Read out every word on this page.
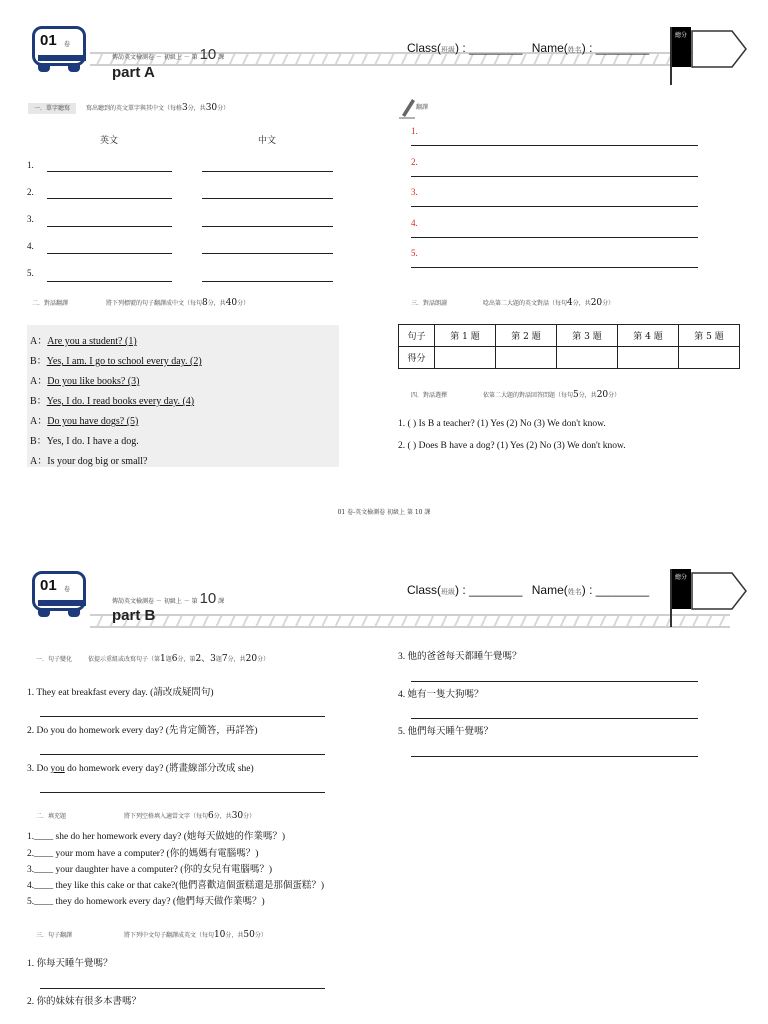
01 卷
傳劼英文檢測卷 － 初級上 － 第 10 課
part A
Class(班級) : ________ Name(姓名) : ________
總分
一．單字聽寫	寫出聽到的英文單字與其中文（每格3分，共30分）
英文	中文
1.
2.
3.
4.
5.
二．對話翻譯	將下列標號的句子翻譯成中文（每句8分，共40分）
A：Are you a student? (1)
B：Yes, I am. I go to school every day. (2)
A：Do you like books? (3)
B：Yes, I do. I read books every day. (4)
A：Do you have dogs? (5)
B：Yes, I do. I have a dog.
A：Is your dog big or small?
翻譯
1.
2.
3.
4.
5.
三．對話朗讀	唸出第二大題的英文對話（每句4分，共20分）
句子	第 1 題	第 2 題	第 3 題	第 4 題	第 5 題
得分					
四．對話選擇	依第二大題的對話回答問題（每句5分，共20分）
1. ( ) Is B a teacher? (1) Yes (2) No (3) We don't know.
2. ( ) Does B have a dog? (1) Yes (2) No (3) We don't know.
01 卷-英文檢測卷 初級上 第 10 課
01 卷
傳劼英文檢測卷 － 初級上 － 第 10 課
part B
Class(班級) : ________ Name(姓名) : ________
總分
一．句子變化	依提示重組或改寫句子（第1題6分，第2、3題7分，共20分）
1. They eat breakfast every day. (請改成疑問句)
2. Do you do homework every day? (先肯定簡答，再詳答)
3. Do you do homework every day? (將畫線部分改成 she)
二．填充題	將下列空格填入適當文字（每句6分，共30分）
1.____ she do her homework every day? (她每天做她的作業嗎？)
2.____ your mom have a computer? (你的媽媽有電腦嗎？)
3.____ your daughter have a computer? (你的女兒有電腦嗎？)
4.____ they like this cake or that cake?(他們喜歡這個蛋糕還是那個蛋糕？)
5.____ they do homework every day? (他們每天做作業嗎？)
三．句子翻譯	將下列中文句子翻譯成英文（每句10分，共50分）
1. 你每天睡午覺嗎？
2. 你的妹妹有很多本書嗎？
3. 他的爸爸每天都睡午覺嗎？
4. 她有一隻大狗嗎？
5. 他們每天睡午覺嗎？
